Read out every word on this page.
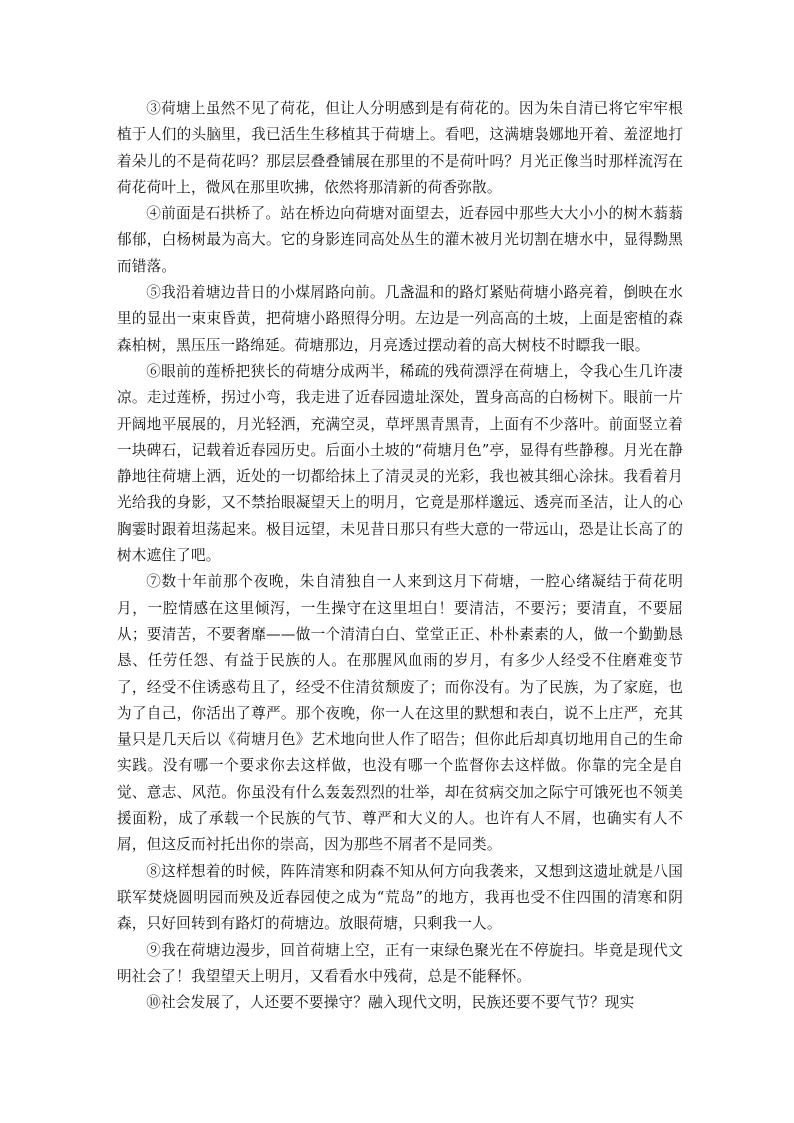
③荷塘上虽然不见了荷花，但让人分明感到是有荷花的。因为朱自清已将它牢牢根植于人们的头脑里，我已活生生移植其于荷塘上。看吧，这满塘袅娜地开着、羞涩地打着朵儿的不是荷花吗？那层层叠叠铺展在那里的不是荷叶吗？月光正像当时那样流泻在荷花荷叶上，微风在那里吹拂，依然将那清新的荷香弥散。

④前面是石拱桥了。站在桥边向荷塘对面望去，近春园中那些大大小小的树木蓊蓊郁郁，白杨树最为高大。它的身影连同高处丛生的灌木被月光切割在塘水中，显得黝黑而错落。

⑤我沿着塘边昔日的小煤屑路向前。几盏温和的路灯紧贴荷塘小路亮着，倒映在水里的显出一束束昏黄，把荷塘小路照得分明。左边是一列高高的土坡，上面是密植的森森柏树，黑压压一路绵延。荷塘那边，月亮透过摆动着的高大树枝不时瞟我一眼。

⑥眼前的莲桥把狭长的荷塘分成两半，稀疏的残荷漂浮在荷塘上，令我心生几许凄凉。走过莲桥，拐过小弯，我走进了近春园遗址深处，置身高高的白杨树下。眼前一片开阔地平展展的，月光轻洒，充满空灵，草坪黑青黑青，上面有不少落叶。前面竖立着一块碑石，记载着近春园历史。后面小土坡的“荷塘月色”亭，显得有些静穆。月光在静静地往荷塘上洒，近处的一切都给抹上了清灵灵的光彩，我也被其细心涂抹。我看着月光给我的身影，又不禁抬眼凝望天上的明月，它竟是那样邈远、透亮而圣洁，让人的心胸霎时跟着坦荡起来。极目远望，未见昔日那只有些大意的一带远山，恐是让长高了的树木遮住了吧。

⑦数十年前那个夜晚，朱自清独自一人来到这月下荷塘，一腔心绪凝结于荷花明月，一腔情感在这里倾泻，一生操守在这里坦白！要清洁，不要污；要清直，不要屈从；要清苦，不要奢靡——做一个清清白白、堂堂正正、朴朴素素的人，做一个勤勤恳恳、任劳任怨、有益于民族的人。在那腥风血雨的岁月，有多少人经受不住磨难变节了，经受不住诱惑苟且了，经受不住清贫颓废了；而你没有。为了民族，为了家庭，也为了自己，你活出了尊严。那个夜晚，你一人在这里的默想和表白，说不上庄严，充其量只是几天后以《荷塘月色》艺术地向世人作了昭告；但你此后却真切地用自己的生命实践。没有哪一个要求你去这样做，也没有哪一个监督你去这样做。你靠的完全是自觉、意志、风范。你虽没有什么轰轰烈烈的壮举，却在贫病交加之际宁可饿死也不领美援面粉，成了承载一个民族的气节、尊严和大义的人。也许有人不屑，也确实有人不屑，但这反而衬托出你的崇高，因为那些不屑者不是同类。

⑧这样想着的时候，阵阵清寒和阴森不知从何方向我袭来，又想到这遗址就是八国联军焚烧圆明园而殃及近春园使之成为“荒岛”的地方，我再也受不住四围的清寒和阴森，只好回转到有路灯的荷塘边。放眼荷塘，只剩我一人。

⑨我在荷塘边漫步，回首荷塘上空，正有一束绿色聚光在不停旋扫。毕竟是现代文明社会了！我望望天上明月，又看看水中残荷，总是不能释怀。

⑩社会发展了，人还要不要操守？融入现代文明，民族还要不要气节？现实
